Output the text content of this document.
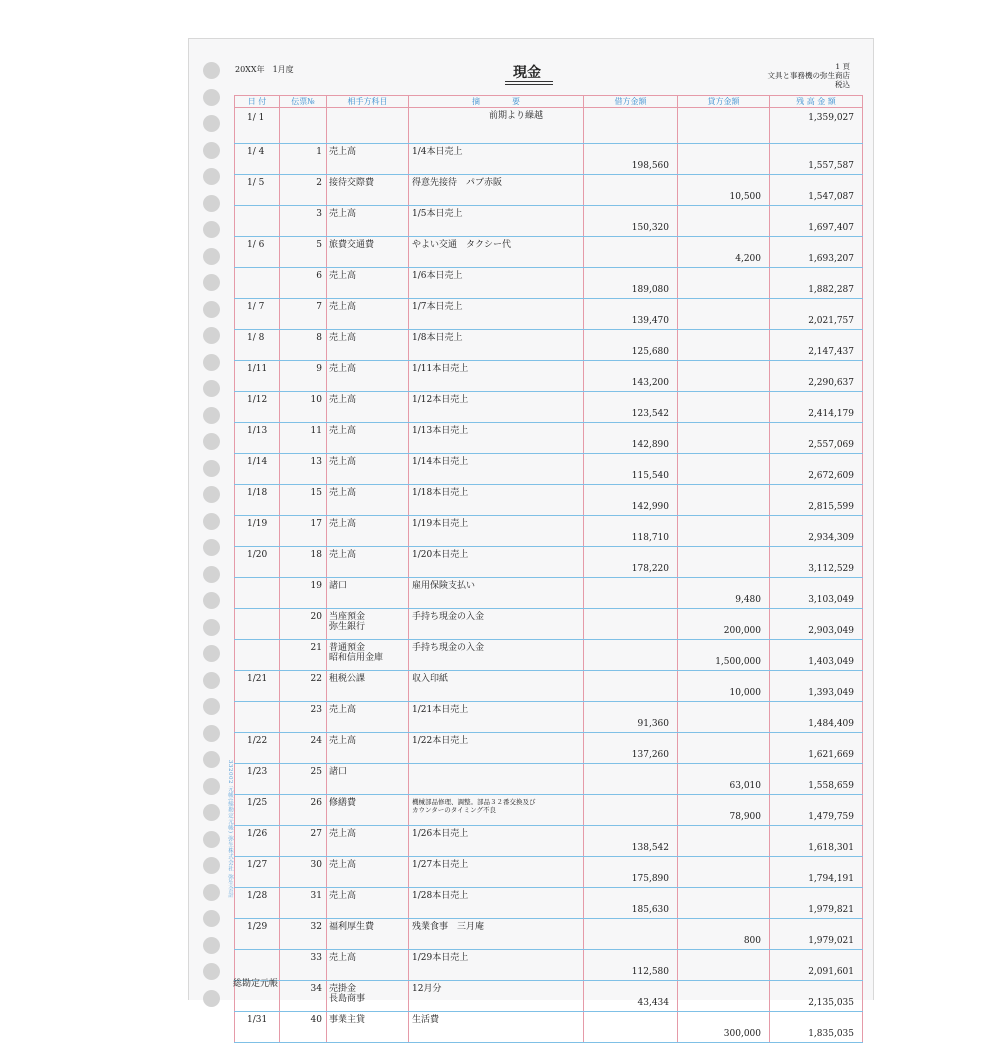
20XX年　1月度	現金	1 頁
文具と事務機の弥生商店
税込
日 付	伝票№	相手方科目	摘　　　　要	借方金額	貸方金額	残 高 金 額
1/ 1			前期より繰越			1,359,027
1/ 4	1	売上高	1/4本日売上	198,560		1,557,587
1/ 5	2	接待交際費	得意先接待　パブ赤阪		10,500	1,547,087
	3	売上高	1/5本日売上	150,320		1,697,407
1/ 6	5	旅費交通費	やよい交通　タクシー代		4,200	1,693,207
	6	売上高	1/6本日売上	189,080		1,882,287
1/ 7	7	売上高	1/7本日売上	139,470		2,021,757
1/ 8	8	売上高	1/8本日売上	125,680		2,147,437
1/11	9	売上高	1/11本日売上	143,200		2,290,637
1/12	10	売上高	1/12本日売上	123,542		2,414,179
1/13	11	売上高	1/13本日売上	142,890		2,557,069
1/14	13	売上高	1/14本日売上	115,540		2,672,609
1/18	15	売上高	1/18本日売上	142,990		2,815,599
1/19	17	売上高	1/19本日売上	118,710		2,934,309
1/20	18	売上高	1/20本日売上	178,220		3,112,529
	19	諸口	雇用保険支払い		9,480	3,103,049
	20	当座預金
弥生銀行	手持ち現金の入金		200,000	2,903,049
	21	普通預金
昭和信用金庫	手持ち現金の入金		1,500,000	1,403,049
1/21	22	租税公課	収入印紙		10,000	1,393,049
	23	売上高	1/21本日売上	91,360		1,484,409
1/22	24	売上高	1/22本日売上	137,260		1,621,669
1/23	25	諸口			63,010	1,558,659
1/25	26	修繕費	機械部品修理、調整。部品３２番交換及び
カウンターのタイミング不良		78,900	1,479,759
1/26	27	売上高	1/26本日売上	138,542		1,618,301
1/27	30	売上高	1/27本日売上	175,890		1,794,191
1/28	31	売上高	1/28本日売上	185,630		1,979,821
1/29	32	福利厚生費	残業食事　三月庵		800	1,979,021
	33	売上高	1/29本日売上	112,580		2,091,601
	34	売掛金
長島商事	12月分	43,434		2,135,035
1/31	40	事業主貸	生活費		300,000	1,835,035
332002 元帳(総勘定元帳) 弥生株式会社 弥生会計
総勘定元帳
